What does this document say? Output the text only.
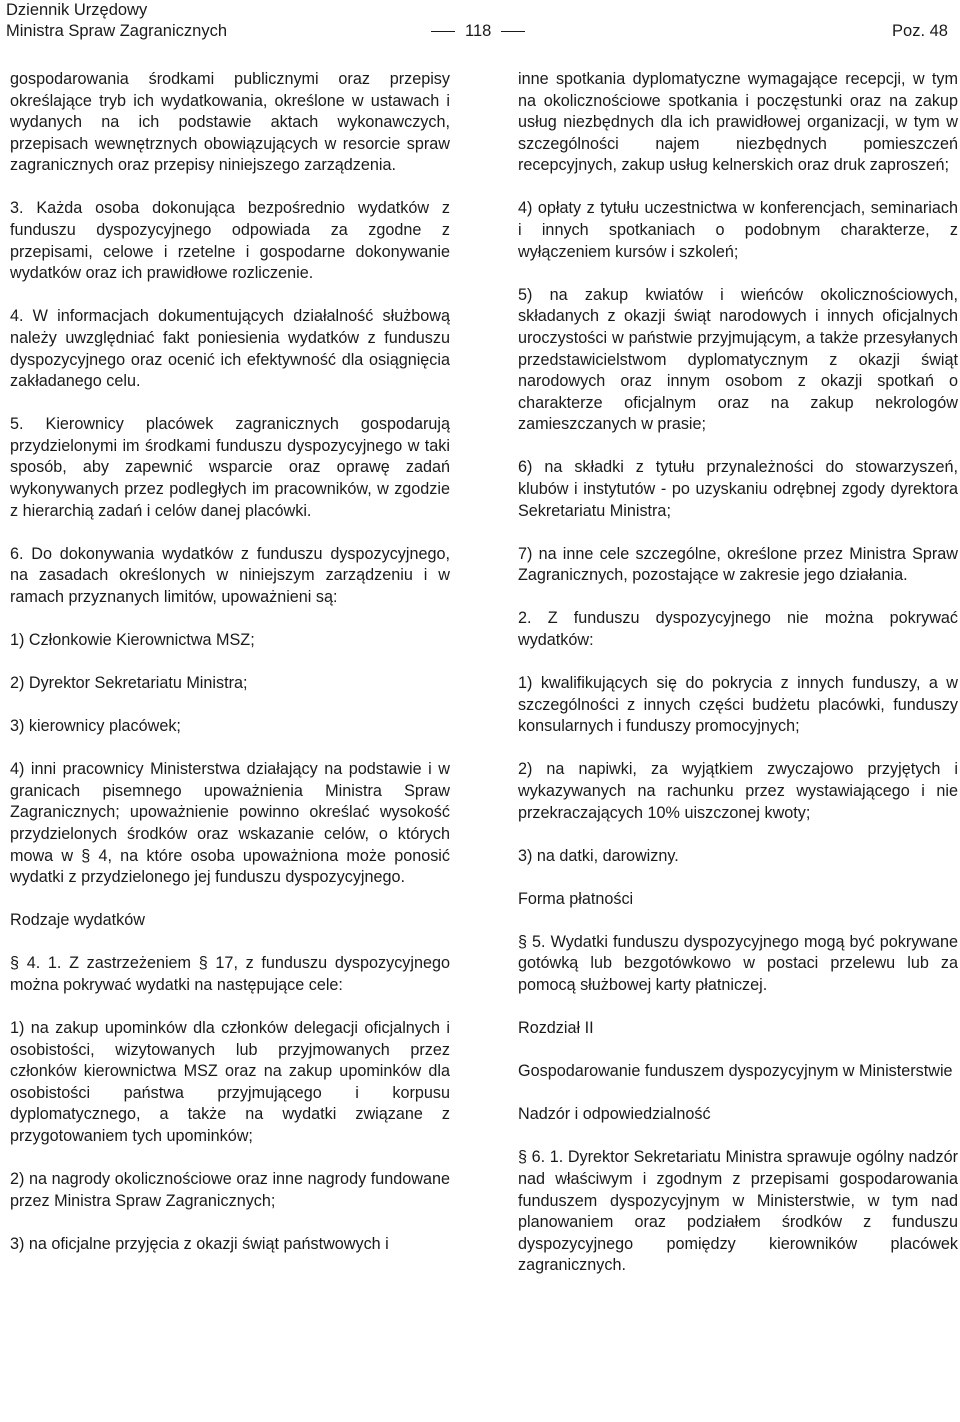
Dziennik Urzędowy
Ministra Spraw Zagranicznych	118	Poz. 48

gospodarowania środkami publicznymi oraz przepisy określające tryb ich wydatkowania, określone w ustawach i wydanych na ich podstawie aktach wykonawczych, przepisach wewnętrznych obowiązujących w resorcie spraw zagranicznych oraz przepisy niniejszego zarządzenia.

3. Każda osoba dokonująca bezpośrednio wydatków z funduszu dyspozycyjnego odpowiada za zgodne z przepisami, celowe i rzetelne i gospodarne dokonywanie wydatków oraz ich prawidłowe rozliczenie.

4. W informacjach dokumentujących działalność służbową należy uwzględniać fakt poniesienia wydatków z funduszu dyspozycyjnego oraz ocenić ich efektywność dla osiągnięcia zakładanego celu.

5. Kierownicy placówek zagranicznych gospodarują przydzielonymi im środkami funduszu dyspozycyjnego w taki sposób, aby zapewnić wsparcie oraz oprawę zadań wykonywanych przez podległych im pracowników, w zgodzie z hierarchią zadań i celów danej placówki.

6. Do dokonywania wydatków z funduszu dyspozycyjnego, na zasadach określonych w niniejszym zarządzeniu i w ramach przyznanych limitów, upoważnieni są:

1) Członkowie Kierownictwa MSZ;

2) Dyrektor Sekretariatu Ministra;

3) kierownicy placówek;

4) inni pracownicy Ministerstwa działający na podstawie i w granicach pisemnego upoważnienia Ministra Spraw Zagranicznych; upoważnienie powinno określać wysokość przydzielonych środków oraz wskazanie celów, o których mowa w § 4, na które osoba upoważniona może ponosić wydatki z przydzielonego jej funduszu dyspozycyjnego.

Rodzaje wydatków

§ 4. 1. Z zastrzeżeniem § 17, z funduszu dyspozycyjnego można pokrywać wydatki na następujące cele:

1) na zakup upominków dla członków delegacji oficjalnych i osobistości, wizytowanych lub przyjmowanych przez członków kierownictwa MSZ oraz na zakup upominków dla osobistości państwa przyjmującego i korpusu dyplomatycznego, a także na wydatki związane z przygotowaniem tych upominków;

2) na nagrody okolicznościowe oraz inne nagrody fundowane przez Ministra Spraw Zagranicznych;

3) na oficjalne przyjęcia z okazji świąt państwowych i

inne spotkania dyplomatyczne wymagające recepcji, w tym na okolicznościowe spotkania i poczęstunki oraz na zakup usług niezbędnych dla ich prawidłowej organizacji, w tym w szczególności najem niezbędnych pomieszczeń recepcyjnych, zakup usług kelnerskich oraz druk zaproszeń;

4) opłaty z tytułu uczestnictwa w konferencjach, seminariach i innych spotkaniach o podobnym charakterze, z wyłączeniem kursów i szkoleń;

5) na zakup kwiatów i wieńców okolicznościowych, składanych z okazji świąt narodowych i innych oficjalnych uroczystości w państwie przyjmującym, a także przesyłanych przedstawicielstwom dyplomatycznym z okazji świąt narodowych oraz innym osobom z okazji spotkań o charakterze oficjalnym oraz na zakup nekrologów zamieszczanych w prasie;

6) na składki z tytułu przynależności do stowarzyszeń, klubów i instytutów - po uzyskaniu odrębnej zgody dyrektora Sekretariatu Ministra;

7) na inne cele szczególne, określone przez Ministra Spraw Zagranicznych, pozostające w zakresie jego działania.

2. Z funduszu dyspozycyjnego nie można pokrywać wydatków:

1) kwalifikujących się do pokrycia z innych funduszy, a w szczególności z innych części budżetu placówki, funduszy konsularnych i funduszy promocyjnych;

2) na napiwki, za wyjątkiem zwyczajowo przyjętych i wykazywanych na rachunku przez wystawiającego i nie przekraczających 10% uiszczonej kwoty;

3) na datki, darowizny.

Forma płatności

§ 5. Wydatki funduszu dyspozycyjnego mogą być pokrywane gotówką lub bezgotówkowo w postaci przelewu lub za pomocą służbowej karty płatniczej.

Rozdział II

Gospodarowanie funduszem dyspozycyjnym w Ministerstwie

Nadzór i odpowiedzialność

§ 6. 1. Dyrektor Sekretariatu Ministra sprawuje ogólny nadzór nad właściwym i zgodnym z przepisami gospodarowania funduszem dyspozycyjnym w Ministerstwie, w tym nad planowaniem oraz podziałem środków z funduszu dyspozycyjnego pomiędzy kierowników placówek zagranicznych.
